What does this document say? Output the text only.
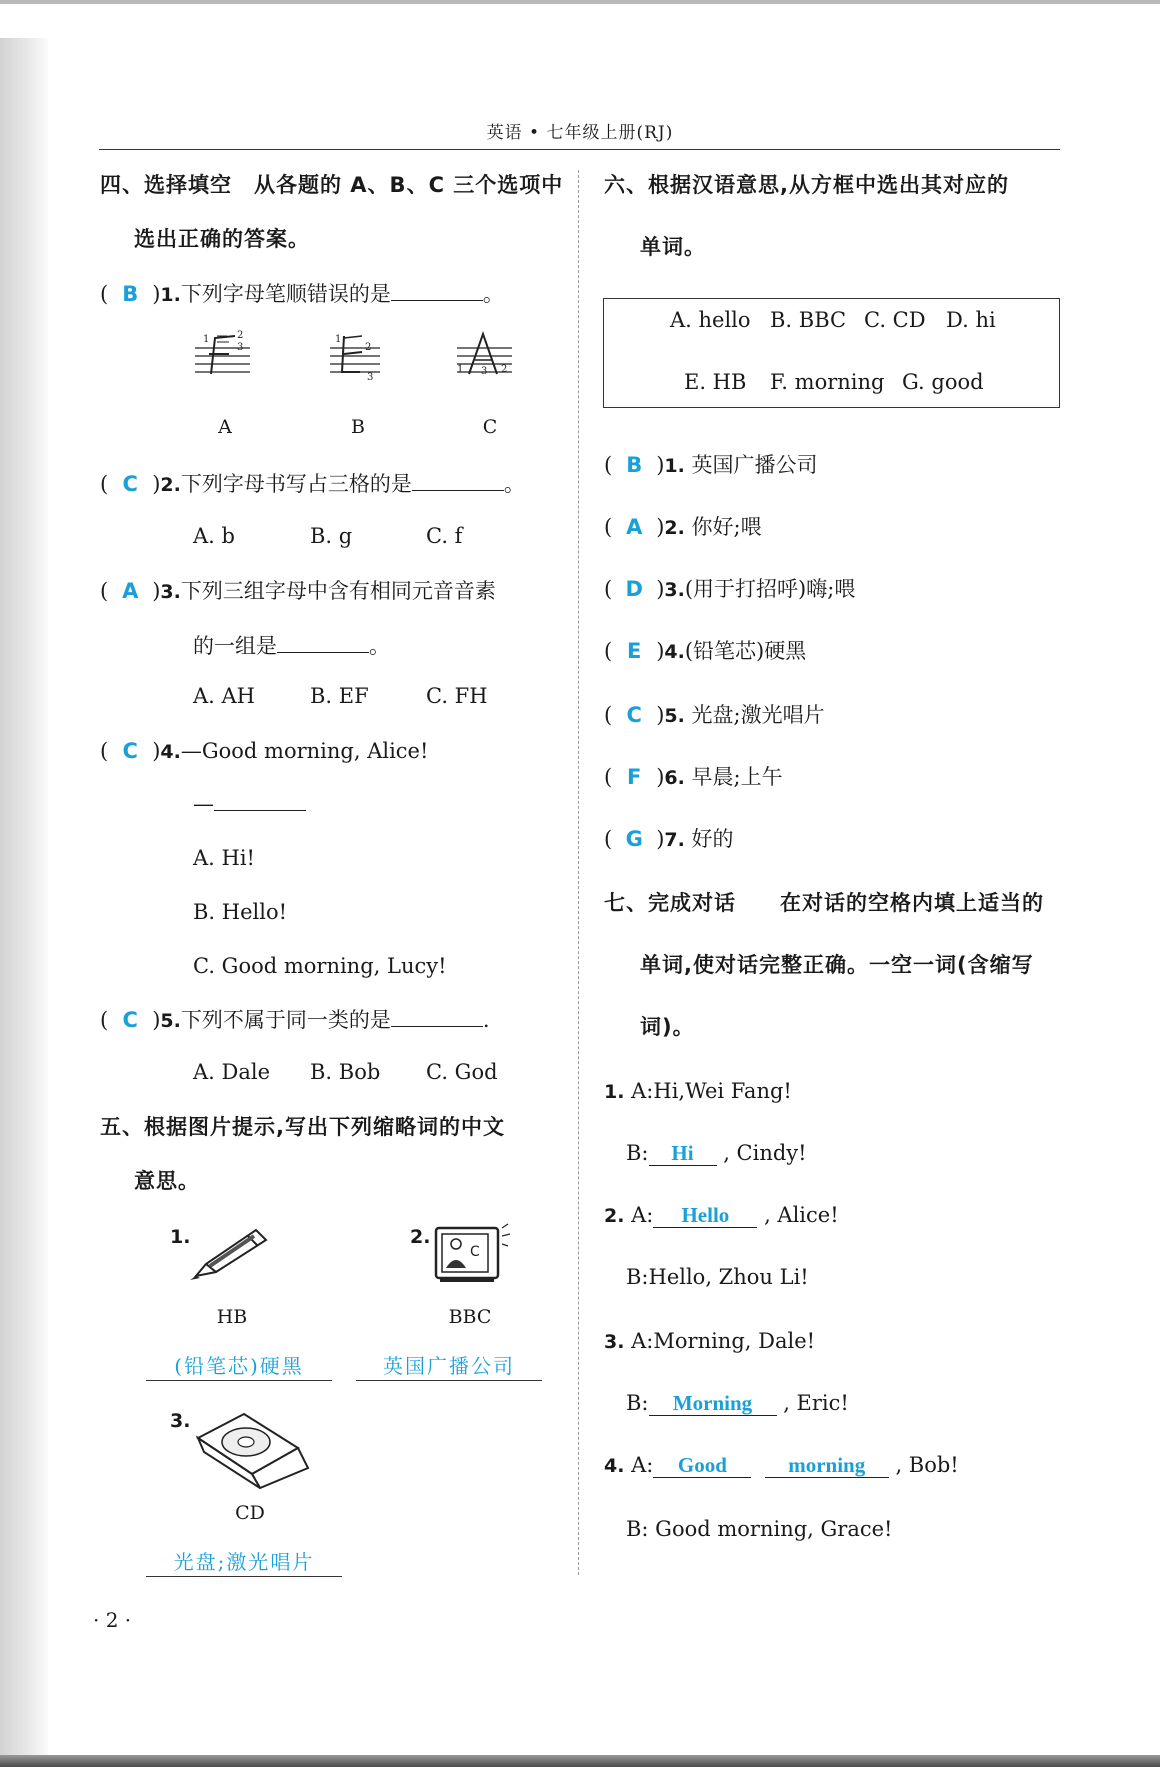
英语 • 七年级上册(RJ)
四、选择填空　从各题的 A、B、C 三个选项中
选出正确的答案。
( B )1.下列字母笔顺错误的是	。
1	2
3
1
2
3
1 3 2
A	B	C
( C )2.下列字母书写占三格的是	。
A. b	B. g	C. f
( A )3.下列三组字母中含有相同元音音素
的一组是	。
A. AH	B. EF	C. FH
( C )4.—Good morning, Alice!
—
A. Hi!
B. Hello!
C. Good morning, Lucy!
( C )5.下列不属于同一类的是	.
A. Dale B. Bob C. God
五、根据图片提示,写出下列缩略词的中文
意思。
1.
HB
(铅笔芯)硬黑
2.
C
BBC
英国广播公司
3.
CD
光盘;激光唱片
· 2 ·
六、根据汉语意思,从方框中选出其对应的
单词。
A. hello B. BBC C. CD D. hi
E. HB F. morning G. good
( B )1. 英国广播公司
( A )2. 你好;喂
( D )3.(用于打招呼)嗨;喂
( E )4.(铅笔芯)硬黑
( C )5. 光盘;激光唱片
( F )6. 早晨;上午
( G )7. 好的
七、完成对话　　在对话的空格内填上适当的
单词,使对话完整正确。一空一词(含缩写
词)。
1. A:Hi,Wei Fang!
B: Hi , Cindy!
2. A: Hello , Alice!
B:Hello, Zhou Li!
3. A:Morning, Dale!
B: Morning , Eric!
4. A: Good	morning , Bob!
B: Good morning, Grace!
